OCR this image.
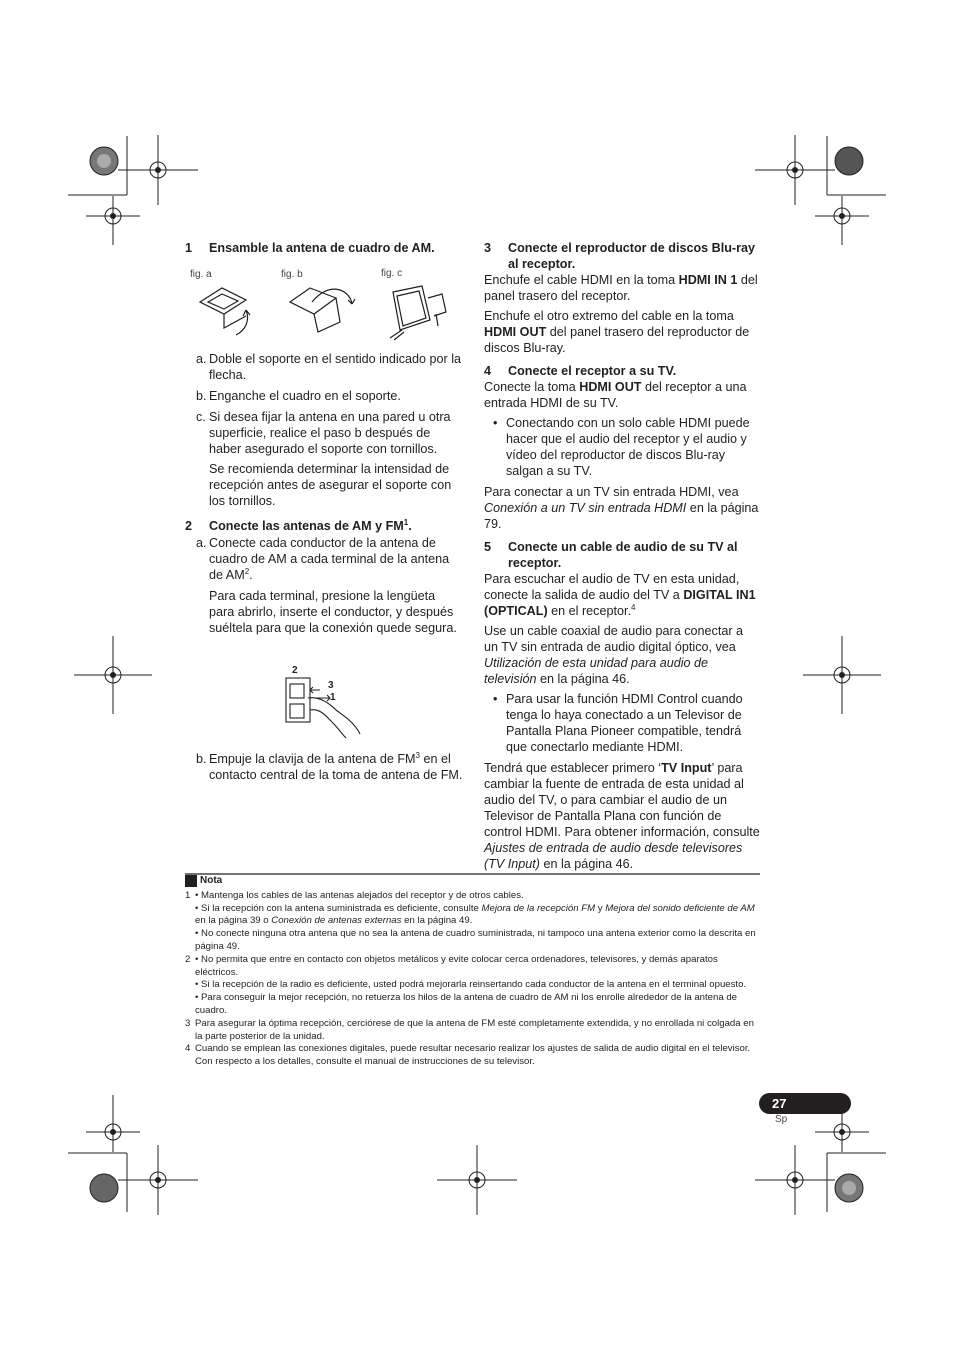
1 Ensamble la antena de cuadro de AM.
fig. a	fig. b	fig. c
a. Doble el soporte en el sentido indicado por la flecha.
b. Enganche el cuadro en el soporte.
c. Si desea fijar la antena en una pared u otra superficie, realice el paso b después de haber asegurado el soporte con tornillos.
Se recomienda determinar la intensidad de recepción antes de asegurar el soporte con los tornillos.
2 Conecte las antenas de AM y $FM^1$.
a. Conecte cada conductor de la antena de cuadro de AM a cada terminal de la antena de $AM^2$.
Para cada terminal, presione la lengüeta para abrirlo, inserte el conductor, y después suéltela para que la conexión quede segura.
2
3
1
b. Empuje la clavija de la antena de $FM^3$ en el contacto central de la toma de antena de FM.
3 Conecte el reproductor de discos Blu-ray al receptor.

Enchufe el cable HDMI en la toma HDMI IN 1 del panel trasero del receptor.

Enchufe el otro extremo del cable en la toma HDMI OUT del panel trasero del reproductor de discos Blu-ray.

4 Conecte el receptor a su TV.

Conecte la toma HDMI OUT del receptor a una entrada HDMI de su TV.

• Conectando con un solo cable HDMI puede hacer que el audio del receptor y el audio y vídeo del reproductor de discos Blu-ray salgan a su TV.

Para conectar a un TV sin entrada HDMI, vea Conexión a un TV sin entrada HDMI en la página 79.

5 Conecte un cable de audio de su TV al receptor.

Para escuchar el audio de TV en esta unidad, conecte la salida de audio del TV a DIGITAL IN1 (OPTICAL) en el receptor.$^4$

Use un cable coaxial de audio para conectar a un TV sin entrada de audio digital óptico, vea Utilización de esta unidad para audio de televisión en la página 46.

• Para usar la función HDMI Control cuando tenga lo haya conectado a un Televisor de Pantalla Plana Pioneer compatible, tendrá que conectarlo mediante HDMI.

Tendrá que establecer primero ‘TV Input’ para cambiar la fuente de entrada de esta unidad al audio del TV, o para cambiar el audio de un Televisor de Pantalla Plana con función de control HDMI. Para obtener información, consulte Ajustes de entrada de audio desde televisores (TV Input) en la página 46.

Nota
1 • Mantenga los cables de las antenas alejados del receptor y de otros cables.
• Si la recepción con la antena suministrada es deficiente, consulte Mejora de la recepción FM y Mejora del sonido deficiente de AM en la página 39 o Conexión de antenas externas en la página 49.
• No conecte ninguna otra antena que no sea la antena de cuadro suministrada, ni tampoco una antena exterior como la descrita en página 49.
2 • No permita que entre en contacto con objetos metálicos y evite colocar cerca ordenadores, televisores, y demás aparatos eléctricos.
• Si la recepción de la radio es deficiente, usted podrá mejorarla reinsertando cada conductor de la antena en el terminal opuesto.
• Para conseguir la mejor recepción, no retuerza los hilos de la antena de cuadro de AM ni los enrolle alrededor de la antena de cuadro.
3 Para asegurar la óptima recepción, cerciórese de que la antena de FM esté completamente extendida, y no enrollada ni colgada en la parte posterior de la unidad.
4 Cuando se emplean las conexiones digitales, puede resultar necesario realizar los ajustes de salida de audio digital en el televisor. Con respecto a los detalles, consulte el manual de instrucciones de su televisor.
27
Sp
